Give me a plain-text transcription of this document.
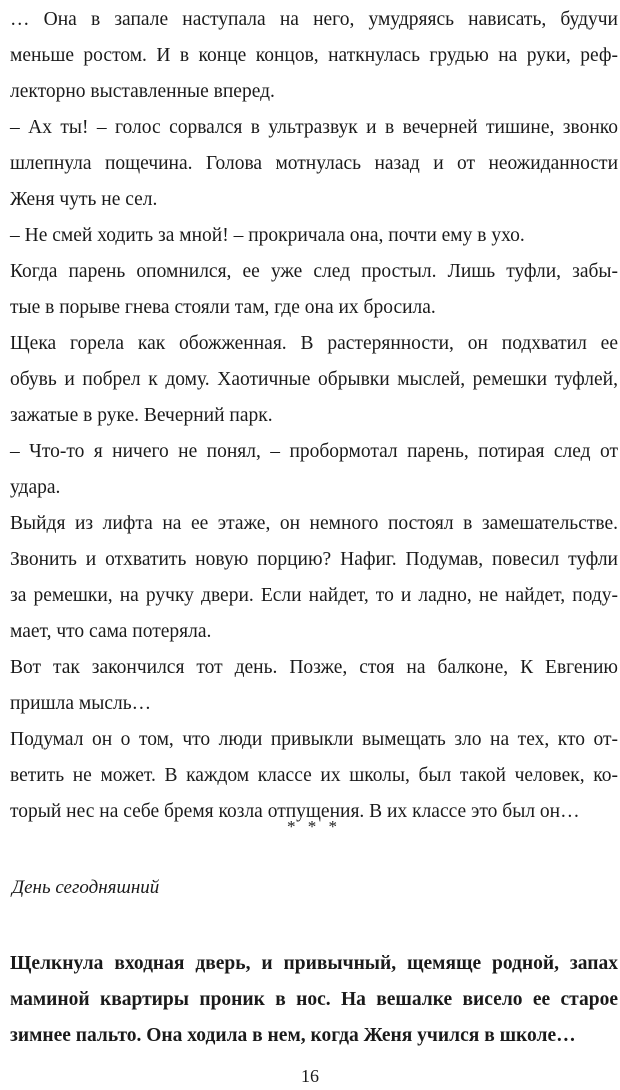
… Она в запале наступала на него, умудряясь нависать, будучи
меньше ростом. И в конце концов, наткнулась грудью на руки, реф-
лекторно выставленные вперед.
– Ах ты! – голос сорвался в ультразвук и в вечерней тишине, звонко
шлепнула пощечина. Голова мотнулась назад и от неожиданности
Женя чуть не сел.
– Не смей ходить за мной! – прокричала она, почти ему в ухо.
Когда парень опомнился, ее уже след простыл. Лишь туфли, забы-
тые в порыве гнева стояли там, где она их бросила.
Щека горела как обожженная. В растерянности, он подхватил ее
обувь и побрел к дому. Хаотичные обрывки мыслей, ремешки туфлей,
зажатые в руке. Вечерний парк.
– Что-то я ничего не понял, – пробормотал парень, потирая след от
удара.
Выйдя из лифта на ее этаже, он немного постоял в замешательстве.
Звонить и отхватить новую порцию? Нафиг. Подумав, повесил туфли
за ремешки, на ручку двери. Если найдет, то и ладно, не найдет, поду-
мает, что сама потеряла.
Вот так закончился тот день. Позже, стоя на балконе, К Евгению
пришла мысль…
Подумал он о том, что люди привыкли вымещать зло на тех, кто от-
ветить не может. В каждом классе их школы, был такой человек, ко-
торый нес на себе бремя козла отпущения. В их классе это был он…
* * *
День сегодняшний
Щелкнула входная дверь, и привычный, щемяще родной, запах
маминой квартиры проник в нос. На вешалке висело ее старое
зимнее пальто. Она ходила в нем, когда Женя учился в школе…
16
